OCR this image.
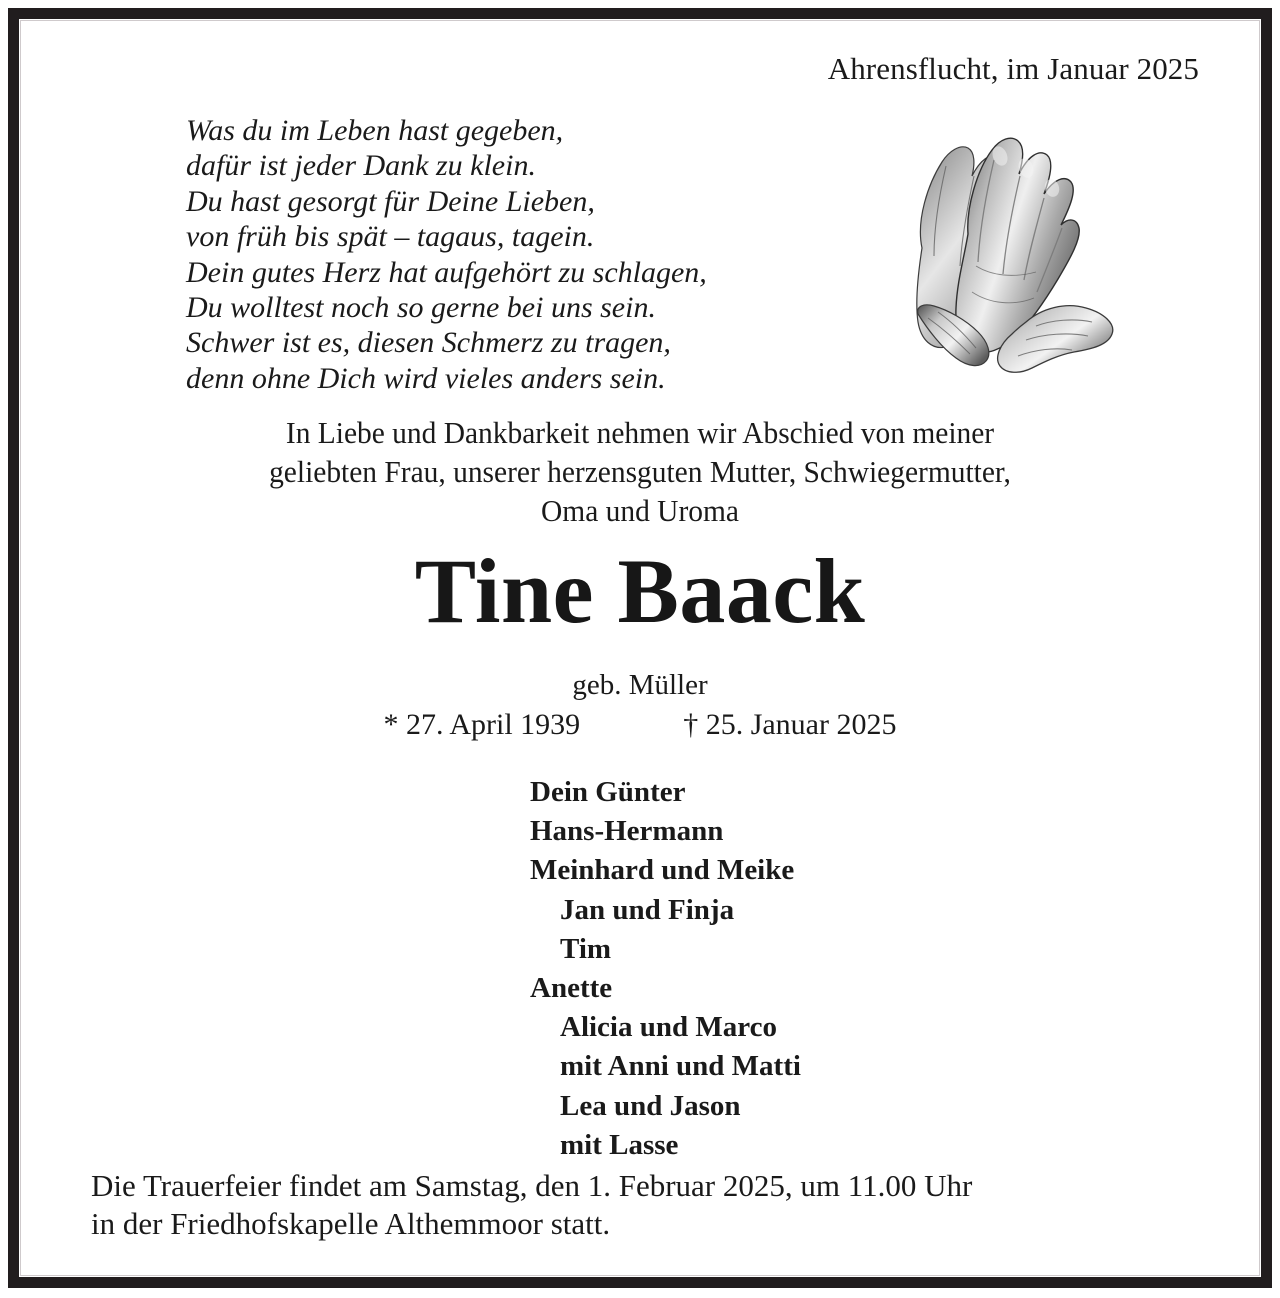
Ahrensflucht, im Januar 2025
Was du im Leben hast gegeben,
dafür ist jeder Dank zu klein.
Du hast gesorgt für Deine Lieben,
von früh bis spät – tagaus, tagein.
Dein gutes Herz hat aufgehört zu schlagen,
Du wolltest noch so gerne bei uns sein.
Schwer ist es, diesen Schmerz zu tragen,
denn ohne Dich wird vieles anders sein.
In Liebe und Dankbarkeit nehmen wir Abschied von meiner
geliebten Frau, unserer herzensguten Mutter, Schwiegermutter,
Oma und Uroma
Tine Baack
geb. Müller
* 27. April 1939	† 25. Januar 2025
Dein Günter
Hans-Hermann
Meinhard und Meike
Jan und Finja
Tim
Anette
Alicia und Marco
mit Anni und Matti
Lea und Jason
mit Lasse
Die Trauerfeier findet am Samstag, den 1. Februar 2025, um 11.00 Uhr
in der Friedhofskapelle Althemmoor statt.
